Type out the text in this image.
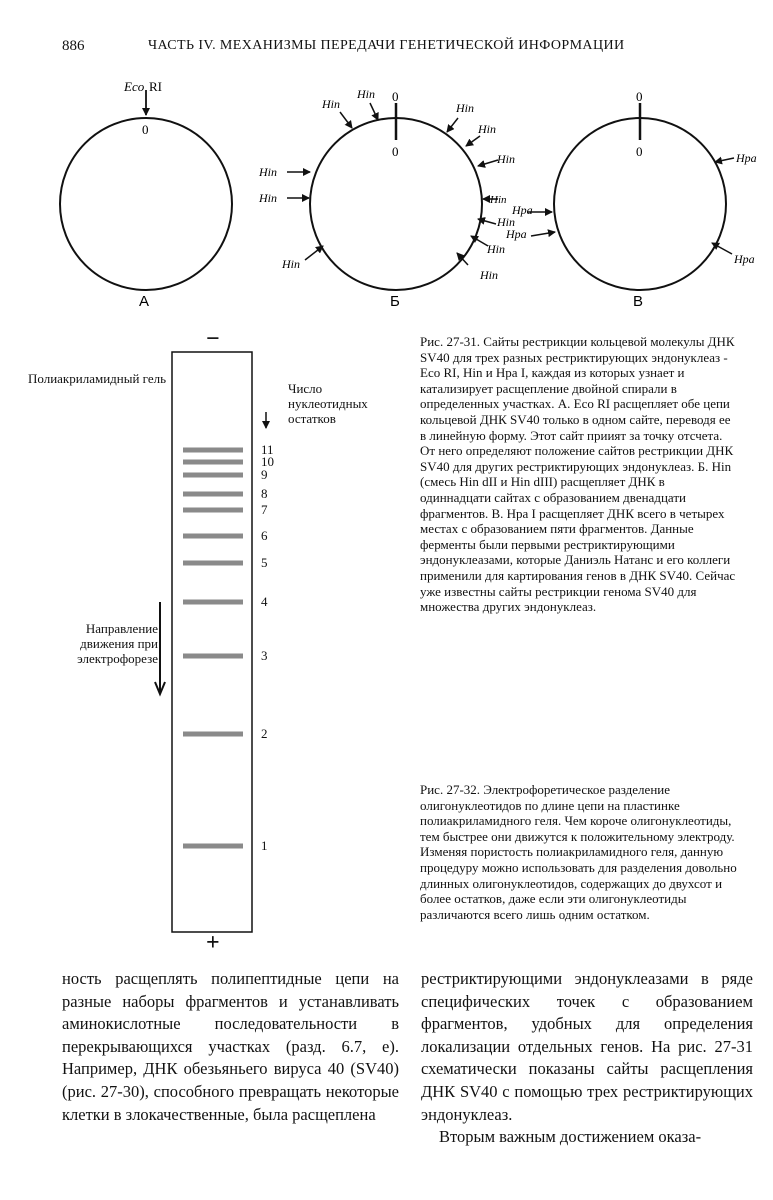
886	ЧАСТЬ IV. МЕХАНИЗМЫ ПЕРЕДАЧИ ГЕНЕТИЧЕСКОЙ ИНФОРМАЦИИ
Eco RI
0
А
0
0
Hin
Hin
Hin
Hin
Hin
Hin
Hin
Hin
Hin
Hin
Hin
Hin
Б
0
0	Hpa
Hpa
Hpa
Hpa
В
Рис. 27-31. Сайты рестрикции кольцевой молекулы ДНК SV40 для трех разных рестриктирующих эндонуклеаз - Eco RI, Hin и Hpa I, каждая из которых узнает и катализирует расщепление двойной спирали в определенных участках. А. Eco RI расщепляет обе цепи кольцевой ДНК SV40 только в одном сайте, переводя ее в линейную форму. Этот сайт приият за точку отсчета. От него определяют положение сайтов рестрикции ДНК SV40 для других рестриктирующих эндонуклеаз. Б. Hin (смесь Hin dII и Hin dIII) расщепляет ДНК в одиннадцати сайтах с образованием двенадцати фрагментов. В. Hpa I расщепляет ДНК всего в четырех местах с образованием пяти фрагментов. Данные ферменты были первыми рестриктирующими эндонуклеазами, которые Даниэль Натанс и его коллеги применили для картирования генов в ДНК SV40. Сейчас уже известны сайты рестрикции генома SV40 для множества других эндонуклеаз.
−
+
Полиакриламидный гель
Число нуклеотидных остатков
Направление движения при электрофорезе
11
10
9
8
7
6
5
4
3
2
1
Рис. 27-32. Электрофоретическое разделение олигонуклеотидов по длине цепи на пластинке полиакриламидного геля. Чем короче олигонуклеотиды, тем быстрее они движутся к положительному электроду. Изменяя пористость полиакриламидного геля, данную процедуру можно использовать для разделения довольно длинных олигонуклеотидов, содержащих до двухсот и более остатков, даже если эти олигонуклеотиды различаются всего лишь одним остатком.
ность расщеплять полипептидные цепи на разные наборы фрагментов и устанавливать аминокислотные последовательности в перекрывающихся участках (разд. 6.7, е). Например, ДНК обезьяньего вируса 40 (SV40) (рис. 27-30), способного превращать некоторые клетки в злокачественные, была расщеплена
рестриктирующими эндонуклеазами в ряде специфических точек с образованием фрагментов, удобных для определения локализации отдельных генов. На рис. 27-31 схематически показаны сайты расщепления ДНК SV40 с помощью трех рестриктирующих эндонуклеаз.
Вторым важным достижением оказа-
